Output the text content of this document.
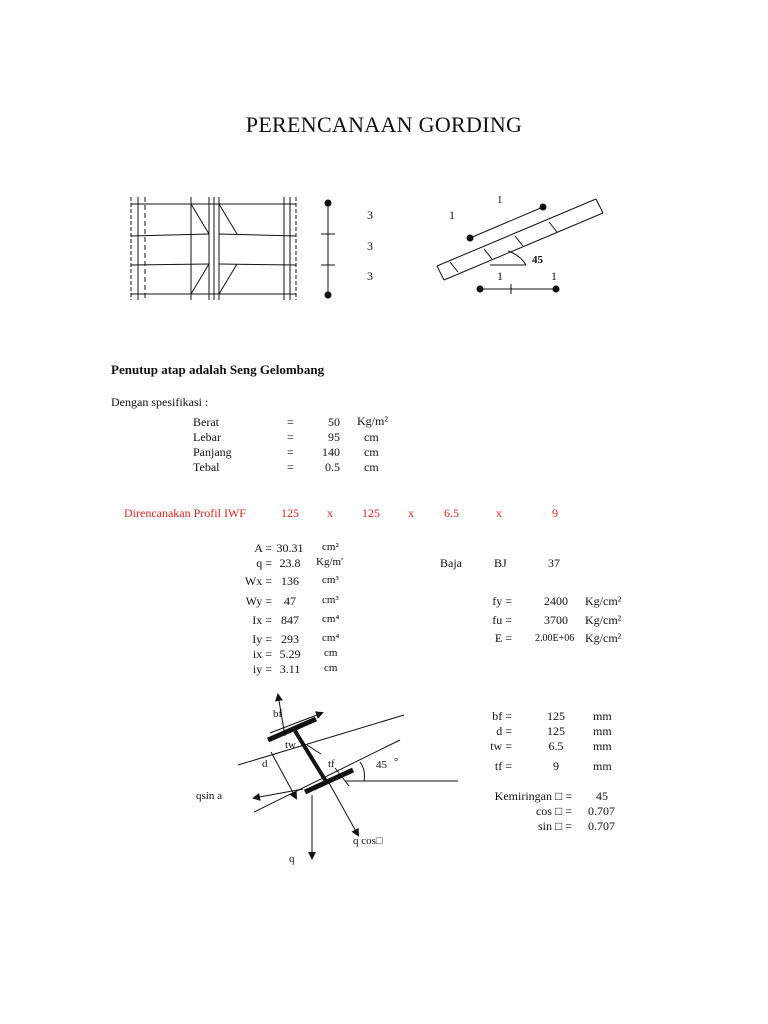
PERENCANAAN GORDING
3
3
3
1
1
1	1
45
Penutup atap adalah Seng Gelombang
Dengan spesifikasi :
Berat	=	50 Kg/m²
Lebar	=	95 cm
Panjang	=	140 cm
Tebal	=	0.5 cm
Direncanakan Profil IWF	125 x 125 x	6.5	x	9
A = 30.31	cm²
q = 23.8	Kg/m'
Wx = 136	cm³
Wy =	47	cm³
Ix = 847	cm⁴
Iy = 293	cm⁴
ix = 5.29	cm
iy = 3.11	cm
Baja	BJ	37
fy =	2400	Kg/cm²
fu =	3700	Kg/cm²
E = 2.00E+06 Kg/cm²
bf
tw
d	tf	45 °
qsin a
q cos□
q
bf =	125	mm
d =	125	mm
tw =	6.5	mm
tf =	9	mm
Kemiringan □ =	45
cos □ = 0.707
sin □ = 0.707
